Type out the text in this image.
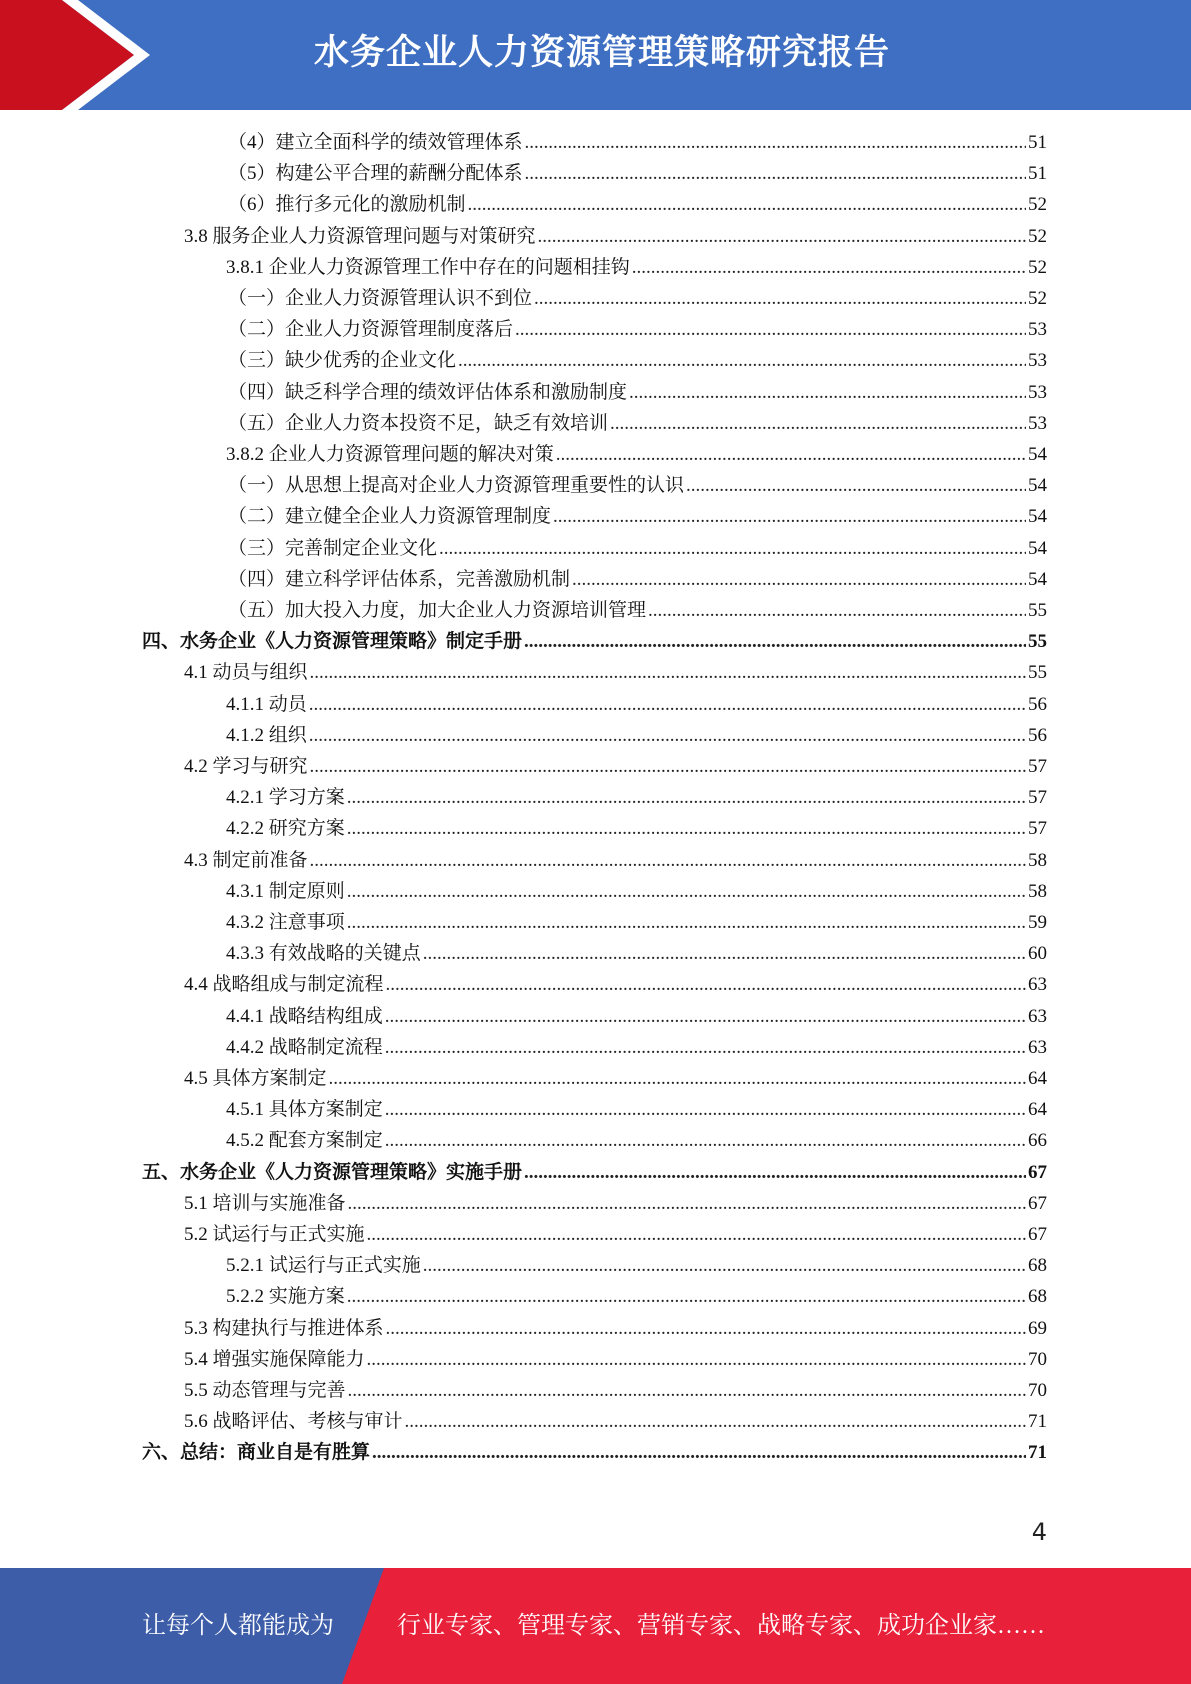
水务企业人力资源管理策略研究报告
（4）建立全面科学的绩效管理体系 .....	51
（5）构建公平合理的薪酬分配体系 .....	51
（6）推行多元化的激励机制 .....	52
3.8 服务企业人力资源管理问题与对策研究 .....	52
3.8.1 企业人力资源管理工作中存在的问题相挂钩 .....	52
（一）企业人力资源管理认识不到位 .....	52
（二）企业人力资源管理制度落后 .....	53
（三）缺少优秀的企业文化 .....	53
（四）缺乏科学合理的绩效评估体系和激励制度 .....	53
（五）企业人力资本投资不足，缺乏有效培训 .....	53
3.8.2 企业人力资源管理问题的解决对策 .....	54
（一）从思想上提高对企业人力资源管理重要性的认识 .....	54
（二）建立健全企业人力资源管理制度 .....	54
（三）完善制定企业文化 .....	54
（四）建立科学评估体系，完善激励机制 .....	54
（五）加大投入力度，加大企业人力资源培训管理 .....	55
四、水务企业《人力资源管理策略》制定手册 .....	55
4.1 动员与组织 .....	55
4.1.1 动员 .....	56
4.1.2 组织 .....	56
4.2 学习与研究 .....	57
4.2.1 学习方案 .....	57
4.2.2 研究方案 .....	57
4.3 制定前准备 .....	58
4.3.1 制定原则 .....	58
4.3.2 注意事项 .....	59
4.3.3 有效战略的关键点 .....	60
4.4 战略组成与制定流程 .....	63
4.4.1 战略结构组成 .....	63
4.4.2 战略制定流程 .....	63
4.5 具体方案制定 .....	64
4.5.1 具体方案制定 .....	64
4.5.2 配套方案制定 .....	66
五、水务企业《人力资源管理策略》实施手册 .....	67
5.1 培训与实施准备 .....	67
5.2 试运行与正式实施 .....	67
5.2.1 试运行与正式实施 .....	68
5.2.2 实施方案 .....	68
5.3 构建执行与推进体系 .....	69
5.4 增强实施保障能力 .....	70
5.5 动态管理与完善 .....	70
5.6 战略评估、考核与审计 .....	71
六、总结：商业自是有胜算 .....	71
4
让每个人都能成为	行业专家、管理专家、营销专家、战略专家、成功企业家……
